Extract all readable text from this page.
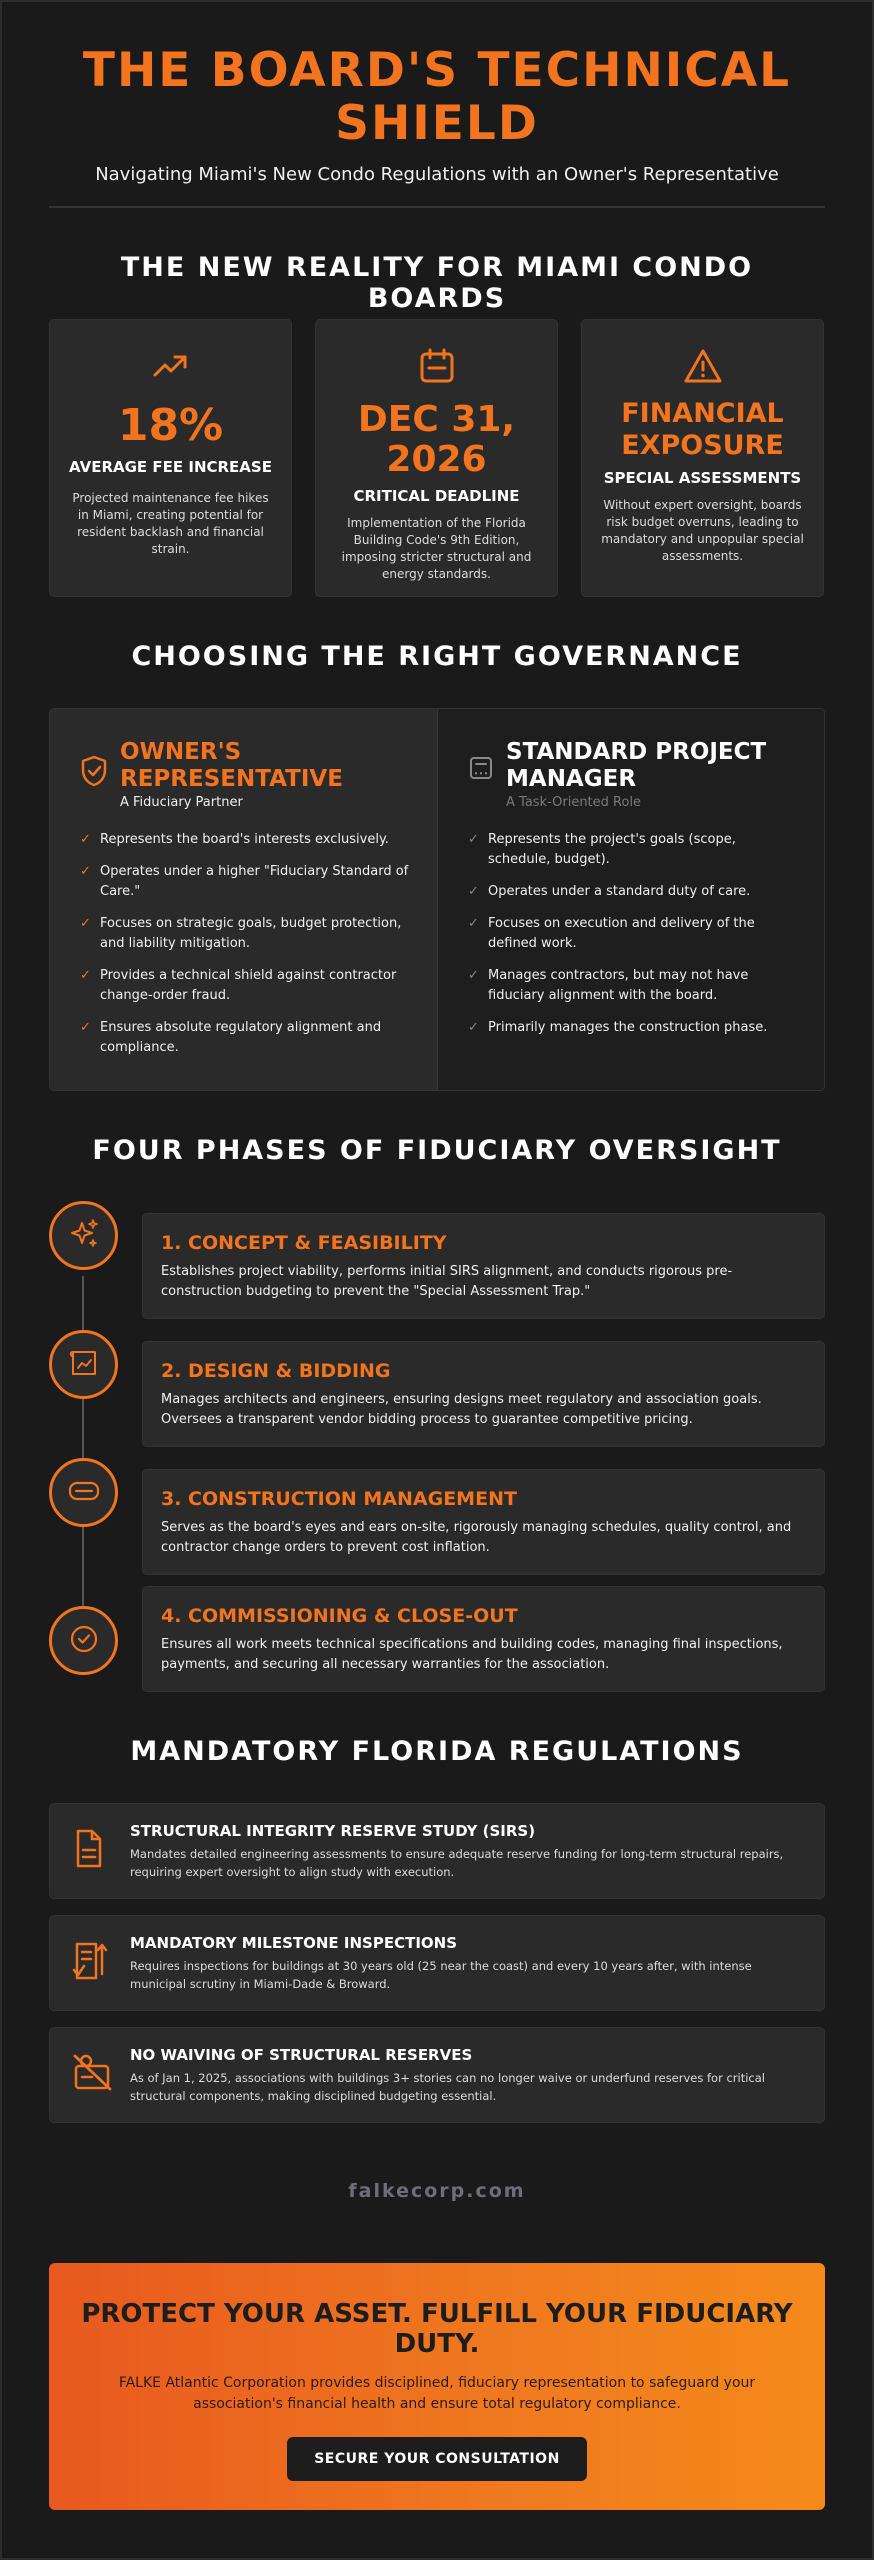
THE BOARD'S TECHNICAL SHIELD

Navigating Miami's New Condo Regulations with an Owner's Representative

THE NEW REALITY FOR MIAMI CONDO BOARDS
18%
AVERAGE FEE INCREASE
Projected maintenance fee hikes in Miami, creating potential for resident backlash and financial strain.
DEC 31, 2026
CRITICAL DEADLINE
Implementation of the Florida Building Code's 9th Edition, imposing stricter structural and energy standards.
FINANCIAL EXPOSURE
SPECIAL ASSESSMENTS
Without expert oversight, boards risk budget overruns, leading to mandatory and unpopular special assessments.
CHOOSING THE RIGHT GOVERNANCE
OWNER'S REPRESENTATIVE
A Fiduciary Partner
✓ Represents the board's interests exclusively.
✓ Operates under a higher "Fiduciary Standard of Care."
✓ Focuses on strategic goals, budget protection, and liability mitigation.
✓ Provides a technical shield against contractor change-order fraud.
✓ Ensures absolute regulatory alignment and compliance.
STANDARD PROJECT MANAGER
A Task-Oriented Role
✓ Represents the project's goals (scope, schedule, budget).
✓ Operates under a standard duty of care.
✓ Focuses on execution and delivery of the defined work.
✓ Manages contractors, but may not have fiduciary alignment with the board.
✓ Primarily manages the construction phase.
FOUR PHASES OF FIDUCIARY OVERSIGHT
1. CONCEPT & FEASIBILITY
Establishes project viability, performs initial SIRS alignment, and conducts rigorous pre-construction budgeting to prevent the "Special Assessment Trap."
2. DESIGN & BIDDING
Manages architects and engineers, ensuring designs meet regulatory and association goals. Oversees a transparent vendor bidding process to guarantee competitive pricing.
3. CONSTRUCTION MANAGEMENT
Serves as the board's eyes and ears on-site, rigorously managing schedules, quality control, and contractor change orders to prevent cost inflation.
4. COMMISSIONING & CLOSE-OUT
Ensures all work meets technical specifications and building codes, managing final inspections, payments, and securing all necessary warranties for the association.
MANDATORY FLORIDA REGULATIONS
STRUCTURAL INTEGRITY RESERVE STUDY (SIRS)
Mandates detailed engineering assessments to ensure adequate reserve funding for long-term structural repairs, requiring expert oversight to align study with execution.
MANDATORY MILESTONE INSPECTIONS
Requires inspections for buildings at 30 years old (25 near the coast) and every 10 years after, with intense municipal scrutiny in Miami-Dade & Broward.
NO WAIVING OF STRUCTURAL RESERVES
As of Jan 1, 2025, associations with buildings 3+ stories can no longer waive or underfund reserves for critical structural components, making disciplined budgeting essential.
falkecorp.com
PROTECT YOUR ASSET. FULFILL YOUR FIDUCIARY DUTY.

FALKE Atlantic Corporation provides disciplined, fiduciary representation to safeguard your association's financial health and ensure total regulatory compliance.

SECURE YOUR CONSULTATION
